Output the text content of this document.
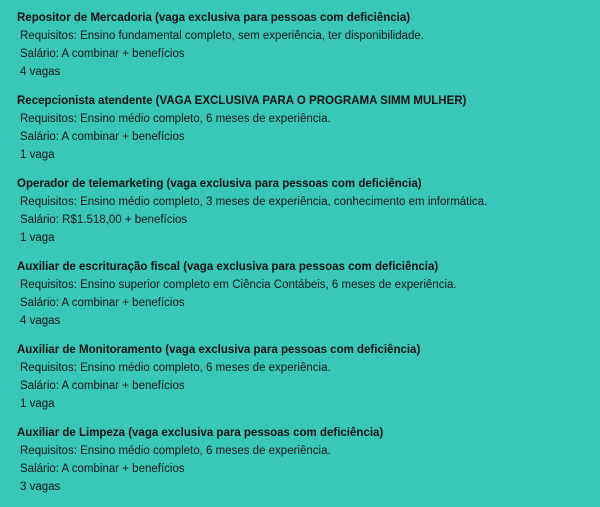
Repositor de Mercadoria (vaga exclusiva para pessoas com deficiência)
Requisitos: Ensino fundamental completo, sem experiência, ter disponibilidade.
Salário: A combinar + benefícios
4 vagas
Recepcionista atendente (VAGA EXCLUSIVA PARA O PROGRAMA SIMM MULHER)
Requisitos: Ensino médio completo, 6 meses de experiência.
Salário: A combinar + benefícios
1 vaga
Operador de telemarketing (vaga exclusiva para pessoas com deficiência)
Requisitos: Ensino médio completo, 3 meses de experiência, conhecimento em informática.
Salário: R$1.518,00 + benefícios
1 vaga
Auxiliar de escrituração fiscal (vaga exclusiva para pessoas com deficiência)
Requisitos: Ensino superior completo em Ciência Contábeis, 6 meses de experiência.
Salário: A combinar + benefícios
4 vagas
Auxiliar de Monitoramento (vaga exclusiva para pessoas com deficiência)
Requisitos: Ensino médio completo, 6 meses de experiência.
Salário: A combinar + benefícios
1 vaga
Auxiliar de Limpeza (vaga exclusiva para pessoas com deficiência)
Requisitos: Ensino médio completo, 6 meses de experiência.
Salário: A combinar + benefícios
3 vagas
